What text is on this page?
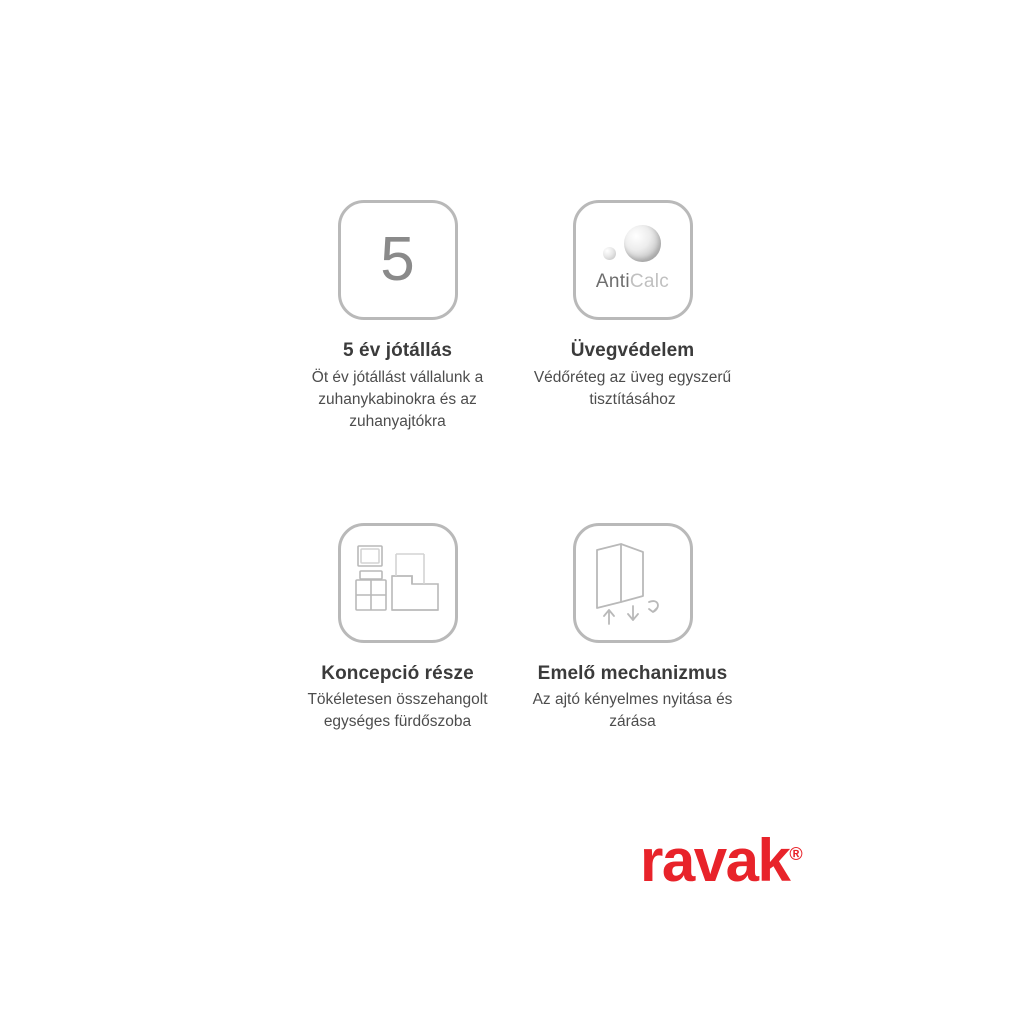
5
5 év jótállás
Öt év jótállást vállalunk a zuhanykabinokra és az zuhanyajtókra
AntiCalc
Üvegvédelem
Védőréteg az üveg egyszerű tisztításához
Koncepció része
Tökéletesen összehangolt egységes fürdőszoba
Emelő mechanizmus
Az ajtó kényelmes nyitása és zárása
ravak®
